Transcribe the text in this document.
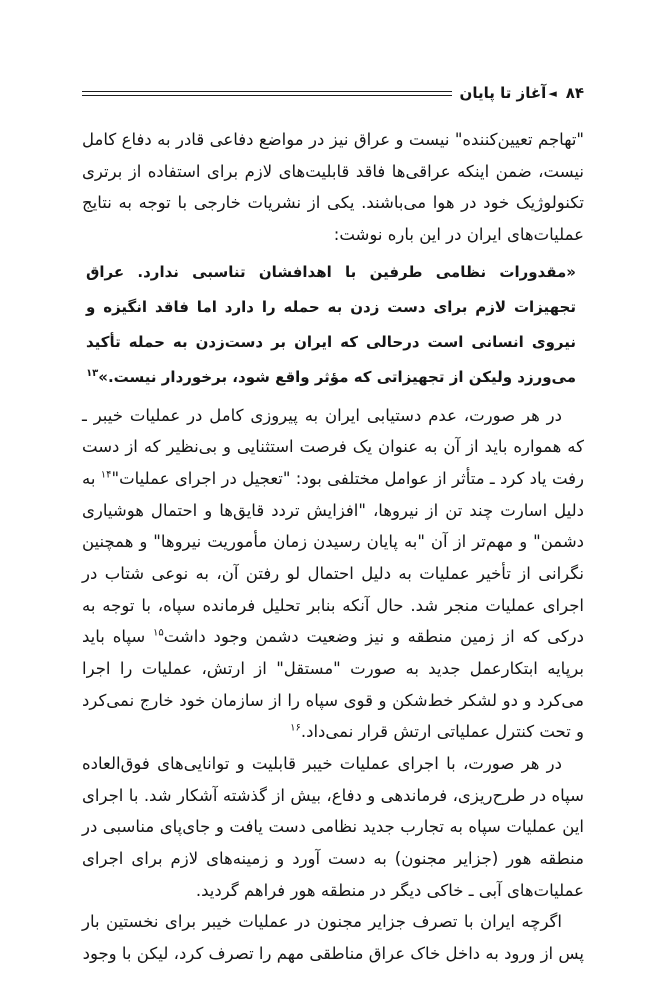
۸۴
◄
آغاز تا پایان

"تهاجم تعیین‌کننده" نیست و عراق نیز در مواضع دفاعی قادر به دفاع کامل نیست، ضمن اینکه عراقی‌ها فاقد قابلیت‌های لازم برای استفاده از برتری تکنولوژیک خود در هوا می‌باشند. یکی از نشریات خارجی با توجه به نتایج عملیات‌های ایران در این باره نوشت:

«مقدورات نظامی طرفین با اهدافشان تناسبی ندارد. عراق تجهیزات لازم برای دست زدن به حمله را دارد اما فاقد انگیزه و نیروی انسانی است درحالی که ایران بر دست‌زدن به حمله تأکید می‌ورزد ولیکن از تجهیزاتی که مؤثر واقع شود، برخوردار نیست.»$^{۱۳}$

در هر صورت، عدم دستیابی ایران به پیروزی کامل در عملیات خیبر ـ که همواره باید از آن به عنوان یک فرصت استثنایی و بی‌نظیر که از دست رفت یاد کرد ـ متأثر از عوامل مختلفی بود: "تعجیل در اجرای عملیات"$^{۱۴}$ به دلیل اسارت چند تن از نیروها، "افزایش تردد قایق‌ها و احتمال هوشیاری دشمن" و مهم‌تر از آن "به پایان رسیدن زمان مأموریت نیروها" و همچنین نگرانی از تأخیر عملیات به دلیل احتمال لو رفتن آن، به نوعی شتاب در اجرای عملیات منجر شد. حال آنکه بنابر تحلیل فرمانده سپاه، با توجه به درکی که از زمین منطقه و نیز وضعیت دشمن وجود داشت$^{۱۵}$ سپاه باید برپایه ابتکارعمل جدید به صورت "مستقل" از ارتش، عملیات را اجرا می‌کرد و دو لشکر خط‌شکن و قوی سپاه را از سازمان خود خارج نمی‌کرد و تحت کنترل عملیاتی ارتش قرار نمی‌داد.$^{۱۶}$

در هر صورت، با اجرای عملیات خیبر قابلیت و توانایی‌های فوق‌العاده سپاه در طرح‌ریزی، فرماندهی و دفاع، بیش از گذشته آشکار شد. با اجرای این عملیات سپاه به تجارب جدید نظامی دست یافت و جای‌پای مناسبی در منطقه هور (جزایر مجنون) به دست آورد و زمینه‌های لازم برای اجرای عملیات‌های آبی ـ خاکی دیگر در منطقه هور فراهم گردید.

اگرچه ایران با تصرف جزایر مجنون در عملیات خیبر برای نخستین بار پس از ورود به داخل خاک عراق مناطقی مهم را تصرف کرد، لیکن با وجود
